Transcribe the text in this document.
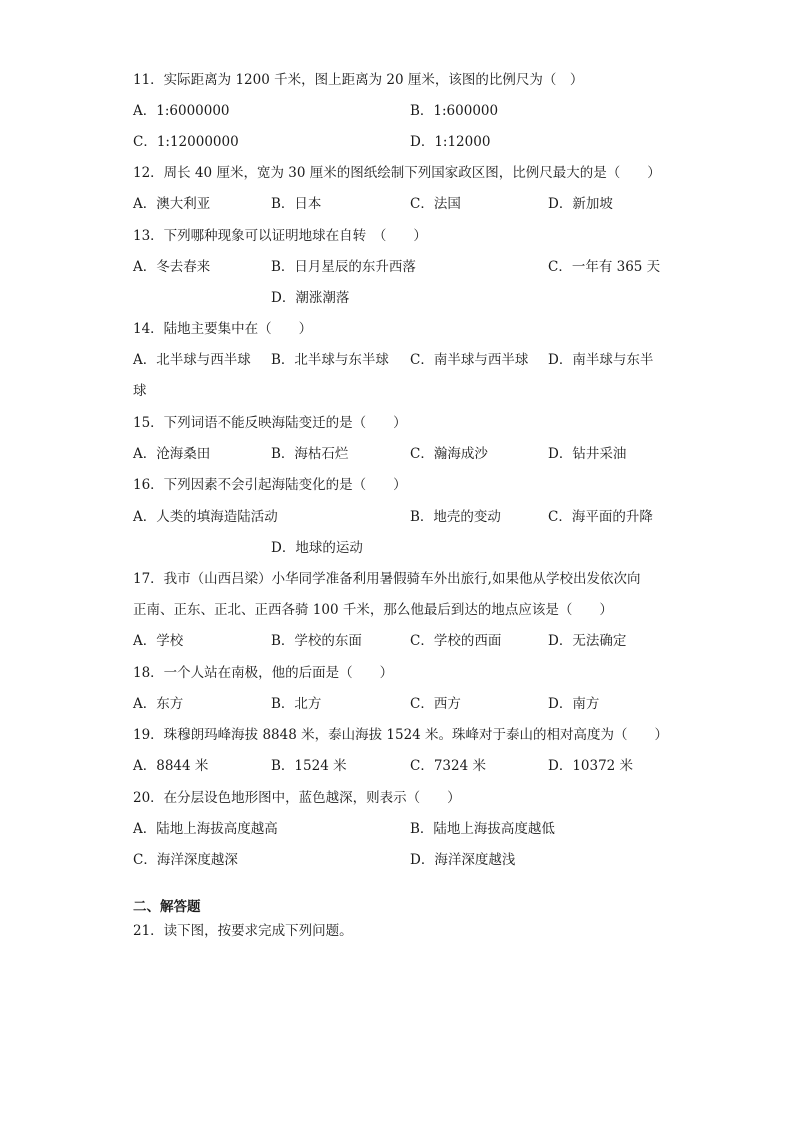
11．实际距离为 1200 千米，图上距离为 20 厘米，该图的比例尺为（　）
A．1:6000000	B．1:600000
C．1:12000000	D．1:12000
12．周长 40 厘米，宽为 30 厘米的图纸绘制下列国家政区图，比例尺最大的是（　　）
A．澳大利亚	B．日本	C．法国	D．新加坡
13．下列哪种现象可以证明地球在自转　（　　）
A．冬去春来	B．日月星辰的东升西落	C．一年有 365 天
D．潮涨潮落
14．陆地主要集中在（　　）
A．北半球与西半球 B．北半球与东半球 C．南半球与西半球 D．南半球与东半
球
15．下列词语不能反映海陆变迁的是（　　）
A．沧海桑田	B．海枯石烂	C．瀚海成沙	D．钻井采油
16．下列因素不会引起海陆变化的是（　　）
A．人类的填海造陆活动	B．地壳的变动	C．海平面的升降
D．地球的运动
17．我市（山西吕梁）小华同学准备利用暑假骑车外出旅行,如果他从学校出发依次向
正南、正东、正北、正西各骑 100 千米，那么他最后到达的地点应该是（　　）
A．学校	B．学校的东面	C．学校的西面	D．无法确定
18．一个人站在南极，他的后面是（　　）
A．东方	B．北方	C．西方	D．南方
19．珠穆朗玛峰海拔 8848 米，泰山海拔 1524 米。珠峰对于泰山的相对高度为（　　）
A．8844 米	B．1524 米	C．7324 米	D．10372 米
20．在分层设色地形图中，蓝色越深，则表示（　　）
A．陆地上海拔高度越高	B．陆地上海拔高度越低
C．海洋深度越深	D．海洋深度越浅
二、解答题
21．读下图，按要求完成下列问题。
